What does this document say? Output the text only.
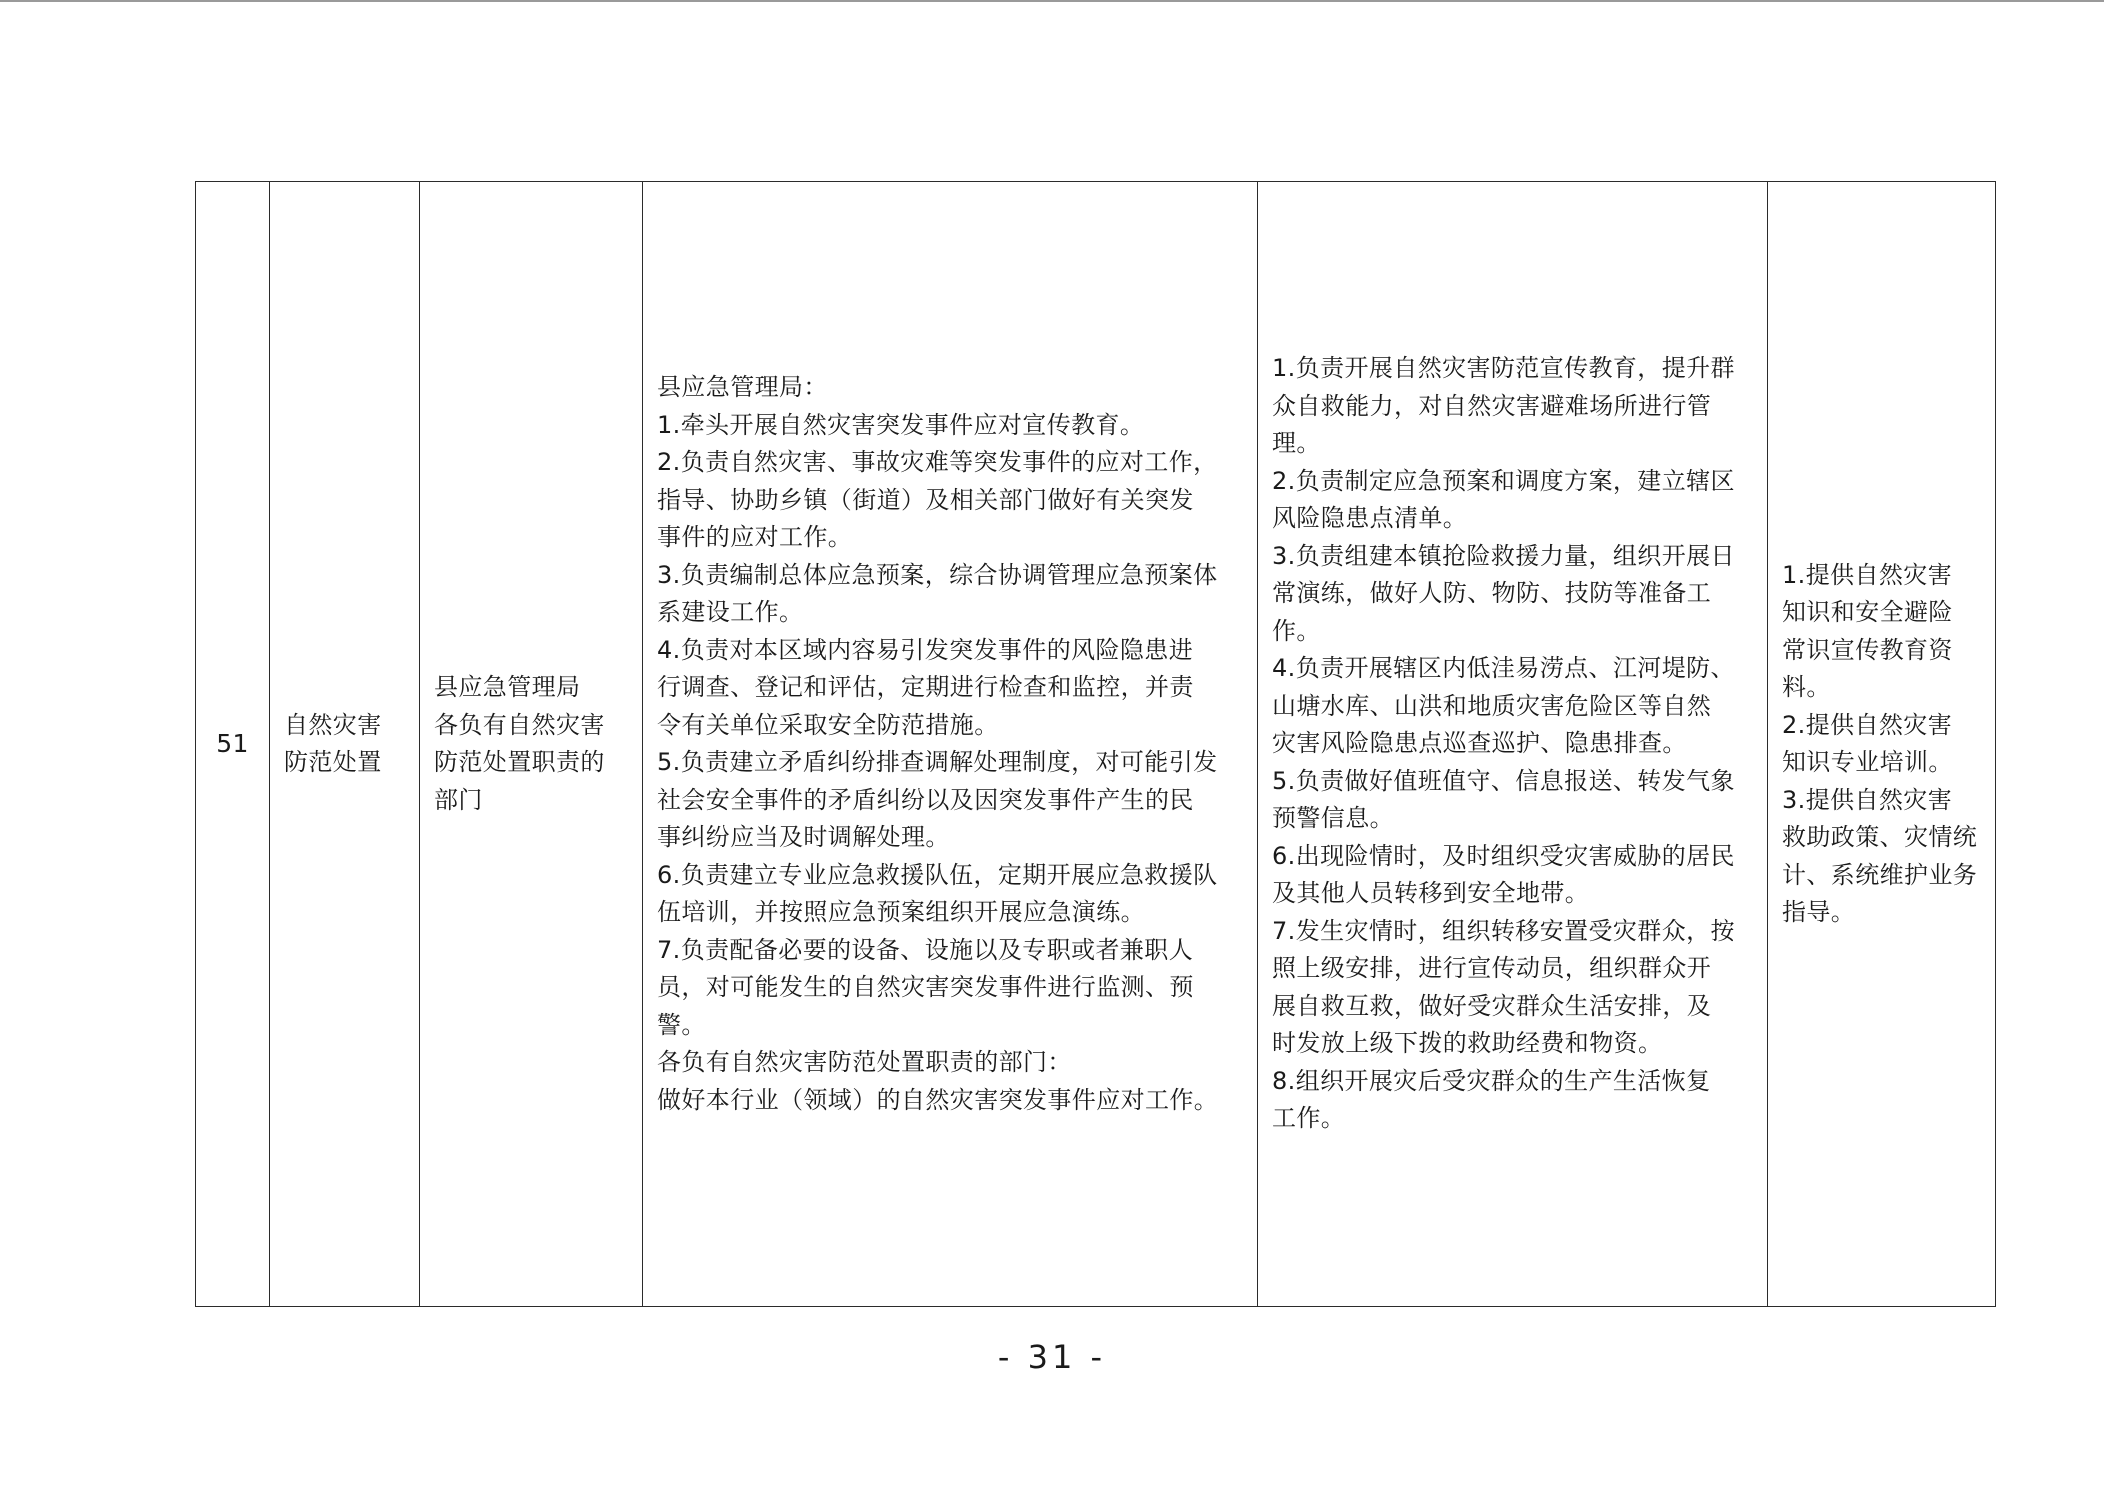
51

自然灾害
防范处置

县应急管理局
各负有自然灾害
防范处置职责的
部门

县应急管理局：
1.牵头开展自然灾害突发事件应对宣传教育。
2.负责自然灾害、事故灾难等突发事件的应对工作，
指导、协助乡镇（街道）及相关部门做好有关突发
事件的应对工作。
3.负责编制总体应急预案，综合协调管理应急预案体
系建设工作。
4.负责对本区域内容易引发突发事件的风险隐患进
行调查、登记和评估，定期进行检查和监控，并责
令有关单位采取安全防范措施。
5.负责建立矛盾纠纷排查调解处理制度，对可能引发
社会安全事件的矛盾纠纷以及因突发事件产生的民
事纠纷应当及时调解处理。
6.负责建立专业应急救援队伍，定期开展应急救援队
伍培训，并按照应急预案组织开展应急演练。
7.负责配备必要的设备、设施以及专职或者兼职人
员，对可能发生的自然灾害突发事件进行监测、预
警。
各负有自然灾害防范处置职责的部门：
做好本行业（领域）的自然灾害突发事件应对工作。

1.负责开展自然灾害防范宣传教育，提升群
众自救能力，对自然灾害避难场所进行管
理。
2.负责制定应急预案和调度方案，建立辖区
风险隐患点清单。
3.负责组建本镇抢险救援力量，组织开展日
常演练，做好人防、物防、技防等准备工
作。
4.负责开展辖区内低洼易涝点、江河堤防、
山塘水库、山洪和地质灾害危险区等自然
灾害风险隐患点巡查巡护、隐患排查。
5.负责做好值班值守、信息报送、转发气象
预警信息。
6.出现险情时，及时组织受灾害威胁的居民
及其他人员转移到安全地带。
7.发生灾情时，组织转移安置受灾群众，按
照上级安排，进行宣传动员，组织群众开
展自救互救，做好受灾群众生活安排，及
时发放上级下拨的救助经费和物资。
8.组织开展灾后受灾群众的生产生活恢复
工作。

1.提供自然灾害
知识和安全避险
常识宣传教育资
料。
2.提供自然灾害
知识专业培训。
3.提供自然灾害
救助政策、灾情统
计、系统维护业务
指导。
- 31 -
